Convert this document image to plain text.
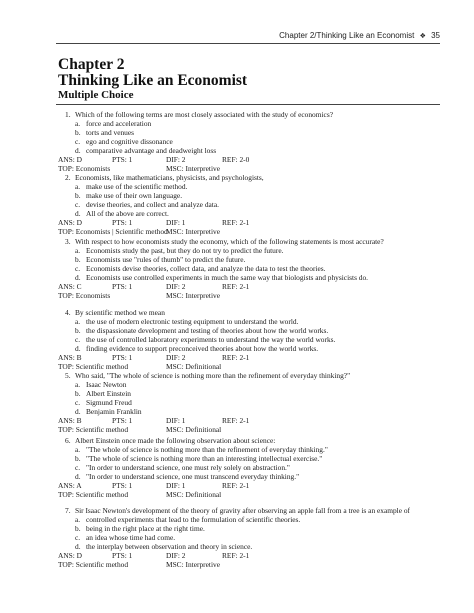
Chapter 2/Thinking Like an Economist ❖ 35
Chapter 2
Thinking Like an Economist
Multiple Choice
1. Which of the following terms are most closely associated with the study of economics?
a. force and acceleration
b. torts and venues
c. ego and cognitive dissonance
d. comparative advantage and deadweight loss
ANS: D	PTS: 1	DIF: 2	REF: 2-0
TOP: Economists	MSC: Interpretive
2. Economists, like mathematicians, physicists, and psychologists,
a. make use of the scientific method.
b. make use of their own language.
c. devise theories, and collect and analyze data.
d. All of the above are correct.
ANS: D	PTS: 1	DIF: 1	REF: 2-1
TOP: Economists | Scientific method
MSC: Interpretive
3. With respect to how economists study the economy, which of the following statements is most accurate?
a. Economists study the past, but they do not try to predict the future.
b. Economists use "rules of thumb" to predict the future.
c. Economists devise theories, collect data, and analyze the data to test the theories.
d. Economists use controlled experiments in much the same way that biologists and physicists do.
ANS: C	PTS: 1	DIF: 2	REF: 2-1
TOP: Economists	MSC: Interpretive
4. By scientific method we mean
a. the use of modern electronic testing equipment to understand the world.
b. the dispassionate development and testing of theories about how the world works.
c. the use of controlled laboratory experiments to understand the way the world works.
d. finding evidence to support preconceived theories about how the world works.
ANS: B	PTS: 1	DIF: 2	REF: 2-1
TOP: Scientific method	MSC: Definitional
5. Who said, "The whole of science is nothing more than the refinement of everyday thinking?"
a. Isaac Newton
b. Albert Einstein
c. Sigmund Freud
d. Benjamin Franklin
ANS: B	PTS: 1	DIF: 1	REF: 2-1
TOP: Scientific method	MSC: Definitional
6. Albert Einstein once made the following observation about science:
a. "The whole of science is nothing more than the refinement of everyday thinking."
b. "The whole of science is nothing more than an interesting intellectual exercise."
c. "In order to understand science, one must rely solely on abstraction."
d. "In order to understand science, one must transcend everyday thinking."
ANS: A	PTS: 1	DIF: 1	REF: 2-1
TOP: Scientific method	MSC: Definitional
7. Sir Isaac Newton's development of the theory of gravity after observing an apple fall from a tree is an example of
a. controlled experiments that lead to the formulation of scientific theories.
b. being in the right place at the right time.
c. an idea whose time had come.
d. the interplay between observation and theory in science.
ANS: D	PTS: 1	DIF: 2	REF: 2-1
TOP: Scientific method	MSC: Interpretive
